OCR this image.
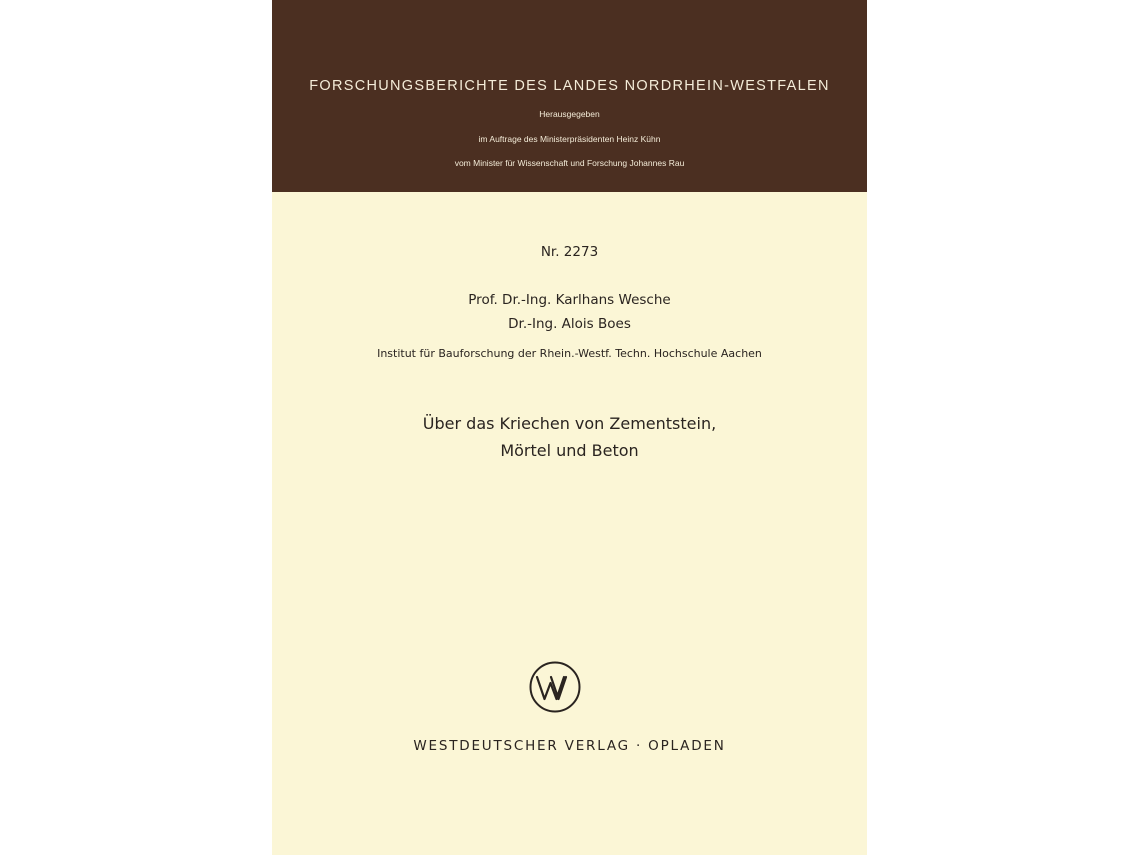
FORSCHUNGSBERICHTE DES LANDES NORDRHEIN-WESTFALEN
Herausgegeben
im Auftrage des Ministerpräsidenten Heinz Kühn
vom Minister für Wissenschaft und Forschung Johannes Rau
Nr. 2273
Prof. Dr.-Ing. Karlhans Wesche
Dr.-Ing. Alois Boes
Institut für Bauforschung der Rhein.-Westf. Techn. Hochschule Aachen
Über das Kriechen von Zementstein,
Mörtel und Beton
WESTDEUTSCHER VERLAG · OPLADEN
